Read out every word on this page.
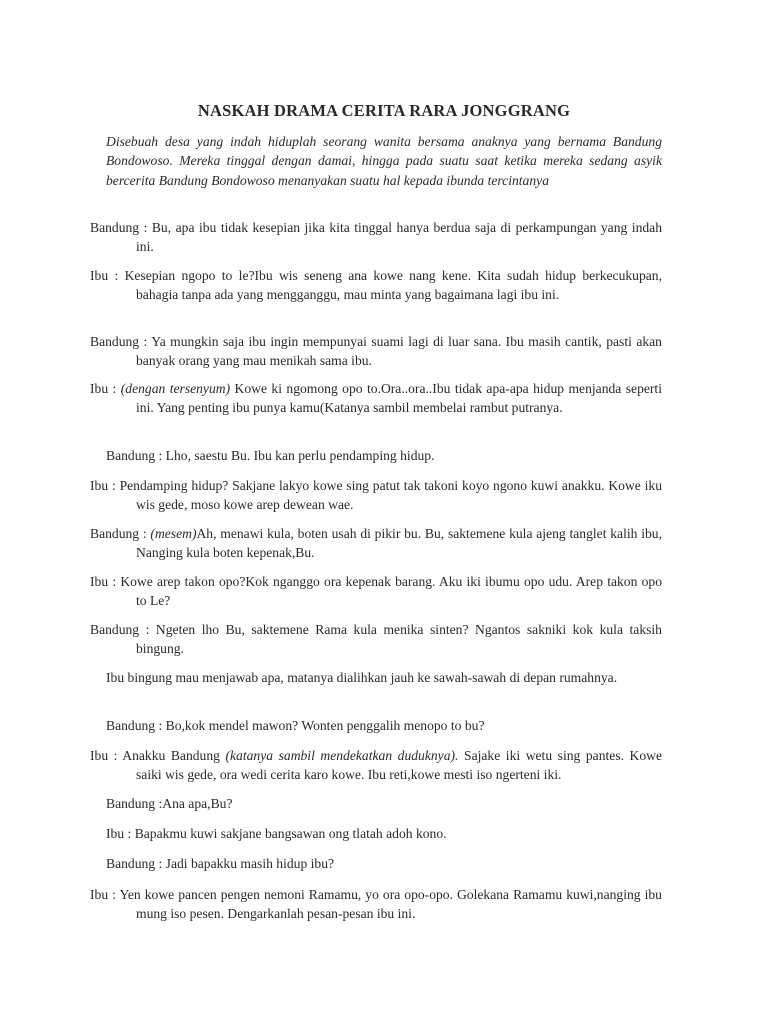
NASKAH DRAMA CERITA RARA JONGGRANG

Disebuah desa yang indah hiduplah seorang wanita bersama anaknya yang bernama Bandung Bondowoso. Mereka tinggal dengan damai, hingga pada suatu saat ketika mereka sedang asyik bercerita Bandung Bondowoso menanyakan suatu hal kepada ibunda tercintanya

Bandung : Bu, apa ibu tidak kesepian jika kita tinggal hanya berdua saja di perkampungan yang indah ini.

Ibu : Kesepian ngopo to le?Ibu wis seneng ana kowe nang kene. Kita sudah hidup berkecukupan, bahagia tanpa ada yang mengganggu, mau minta yang bagaimana lagi ibu ini.

Bandung : Ya mungkin saja ibu ingin mempunyai suami lagi di luar sana. Ibu masih cantik, pasti akan banyak orang yang mau menikah sama ibu.

Ibu : (dengan tersenyum) Kowe ki ngomong opo to.Ora..ora..Ibu tidak apa-apa hidup menjanda seperti ini. Yang penting ibu punya kamu(Katanya sambil membelai rambut putranya.

Bandung : Lho, saestu Bu. Ibu kan perlu pendamping hidup.

Ibu : Pendamping hidup? Sakjane lakyo kowe sing patut tak takoni koyo ngono kuwi anakku. Kowe iku wis gede, moso kowe arep dewean wae.

Bandung : (mesem)Ah, menawi kula, boten usah di pikir bu. Bu, saktemene kula ajeng tanglet kalih ibu, Nanging kula boten kepenak,Bu.

Ibu : Kowe arep takon opo?Kok nganggo ora kepenak barang. Aku iki ibumu opo udu. Arep takon opo to Le?

Bandung : Ngeten lho Bu, saktemene Rama kula menika sinten? Ngantos sakniki kok kula taksih bingung.

Ibu bingung mau menjawab apa, matanya dialihkan jauh ke sawah-sawah di depan rumahnya.

Bandung : Bo,kok mendel mawon? Wonten penggalih menopo to bu?

Ibu : Anakku Bandung (katanya sambil mendekatkan duduknya). Sajake iki wetu sing pantes. Kowe saiki wis gede, ora wedi cerita karo kowe. Ibu reti,kowe mesti iso ngerteni iki.

Bandung :Ana apa,Bu?

Ibu : Bapakmu kuwi sakjane bangsawan ong tlatah adoh kono.

Bandung : Jadi bapakku masih hidup ibu?

Ibu : Yen kowe pancen pengen nemoni Ramamu, yo ora opo-opo. Golekana Ramamu kuwi,nanging ibu mung iso pesen. Dengarkanlah pesan-pesan ibu ini.
